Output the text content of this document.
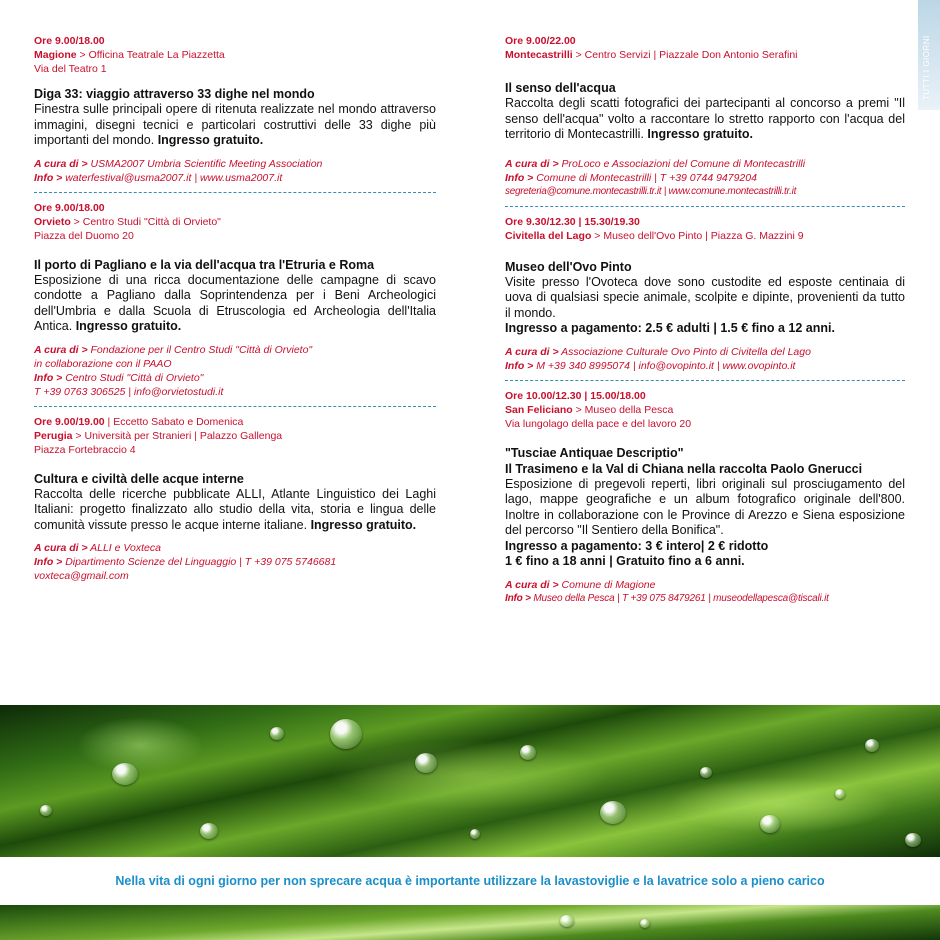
TUTTI I GIORNI
Ore 9.00/18.00
Magione > Officina Teatrale La Piazzetta
Via del Teatro 1
Diga 33: viaggio attraverso 33 dighe nel mondo
Finestra sulle principali opere di ritenuta realizzate nel mondo attraverso immagini, disegni tecnici e particolari costruttivi delle 33 dighe più importanti del mondo. Ingresso gratuito.
A cura di > USMA2007 Umbria Scientific Meeting Association
Info > waterfestival@usma2007.it | www.usma2007.it
Ore 9.00/18.00
Orvieto > Centro Studi "Città di Orvieto"
Piazza del Duomo 20
Il porto di Pagliano e la via dell'acqua tra l'Etruria e Roma
Esposizione di una ricca documentazione delle campagne di scavo condotte a Pagliano dalla Soprintendenza per i Beni Archeologici dell'Umbria e dalla Scuola di Etruscologia ed Archeologia dell'Italia Antica. Ingresso gratuito.
A cura di > Fondazione per il Centro Studi "Città di Orvieto"
in collaborazione con il PAAO
Info > Centro Studi "Città di Orvieto"
T +39 0763 306525 | info@orvietostudi.it
Ore 9.00/19.00 | Eccetto Sabato e Domenica
Perugia > Università per Stranieri | Palazzo Gallenga
Piazza Fortebraccio 4
Cultura e civiltà delle acque interne
Raccolta delle ricerche pubblicate ALLI, Atlante Linguistico dei Laghi Italiani: progetto finalizzato allo studio della vita, storia e lingua delle comunità vissute presso le acque interne italiane. Ingresso gratuito.
A cura di > ALLI e Voxteca
Info > Dipartimento Scienze del Linguaggio | T +39 075 5746681
voxteca@gmail.com
Ore 9.00/22.00
Montecastrilli > Centro Servizi | Piazzale Don Antonio Serafini
Il senso dell'acqua
Raccolta degli scatti fotografici dei partecipanti al concorso a premi "Il senso dell'acqua" volto a raccontare lo stretto rapporto con l'acqua del territorio di Montecastrilli. Ingresso gratuito.
A cura di > ProLoco e Associazioni del Comune di Montecastrilli
Info > Comune di Montecastrilli | T +39 0744 9479204
segreteria@comune.montecastrilli.tr.it | www.comune.montecastrilli.tr.it
Ore 9.30/12.30 | 15.30/19.30
Civitella del Lago > Museo dell'Ovo Pinto | Piazza G. Mazzini 9
Museo dell'Ovo Pinto
Visite presso l'Ovoteca dove sono custodite ed esposte centinaia di uova di qualsiasi specie animale, scolpite e dipinte, provenienti da tutto il mondo.
Ingresso a pagamento: 2.5 € adulti | 1.5 € fino a 12 anni.
A cura di > Associazione Culturale Ovo Pinto di Civitella del Lago
Info > M +39 340 8995074 | info@ovopinto.it | www.ovopinto.it
Ore 10.00/12.30 | 15.00/18.00
San Feliciano > Museo della Pesca
Via lungolago della pace e del lavoro 20
"Tusciae Antiquae Descriptio"
Il Trasimeno e la Val di Chiana nella raccolta Paolo Gnerucci
Esposizione di pregevoli reperti, libri originali sul prosciugamento del lago, mappe geografiche e un album fotografico originale dell'800. Inoltre in collaborazione con le Province di Arezzo e Siena esposizione del percorso "Il Sentiero della Bonifica".
Ingresso a pagamento: 3 € intero| 2 € ridotto
1 € fino a 18 anni | Gratuito fino a 6 anni.
A cura di > Comune di Magione
Info > Museo della Pesca | T +39 075 8479261 | museodellapesca@tiscali.it
Nella vita di ogni giorno per non sprecare acqua è importante utilizzare la lavastoviglie e la lavatrice solo a pieno carico
